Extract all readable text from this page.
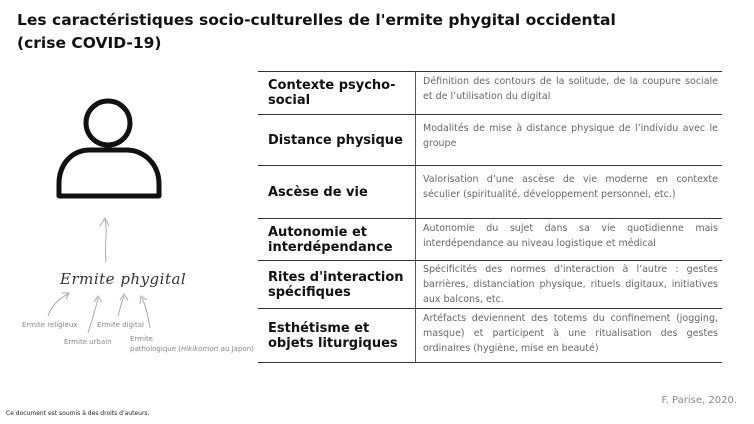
Les caractéristiques socio-culturelles de l'ermite phygital occidental (crise COVID-19)
Ermite phygital
Ermite religieux
Ermite urbain
Ermite digital
Ermite
pathologique (Hikikomori au Japon)
Contexte psycho-social
Définition des contours de la solitude, de la coupure sociale et de l’utilisation du digital
Distance physique
Modalités de mise à distance physique de l’individu avec le groupe
Ascèse de vie
Valorisation d’une ascèse de vie moderne en contexte séculier (spiritualité, développement personnel, etc.)
Autonomie et interdépendance
Autonomie du sujet dans sa vie quotidienne mais interdépendance au niveau logistique et médical
Rites d'interaction spécifiques
Spécificités des normes d’interaction à l’autre : gestes barrières, distanciation physique, rituels digitaux, initiatives aux balcons, etc.
Esthétisme et objets liturgiques
Artéfacts deviennent des totems du confinement (jogging, masque) et participent à une ritualisation des gestes ordinaires (hygiène, mise en beauté)
F. Parise, 2020.
Ce document est soumis à des droits d'auteurs.
